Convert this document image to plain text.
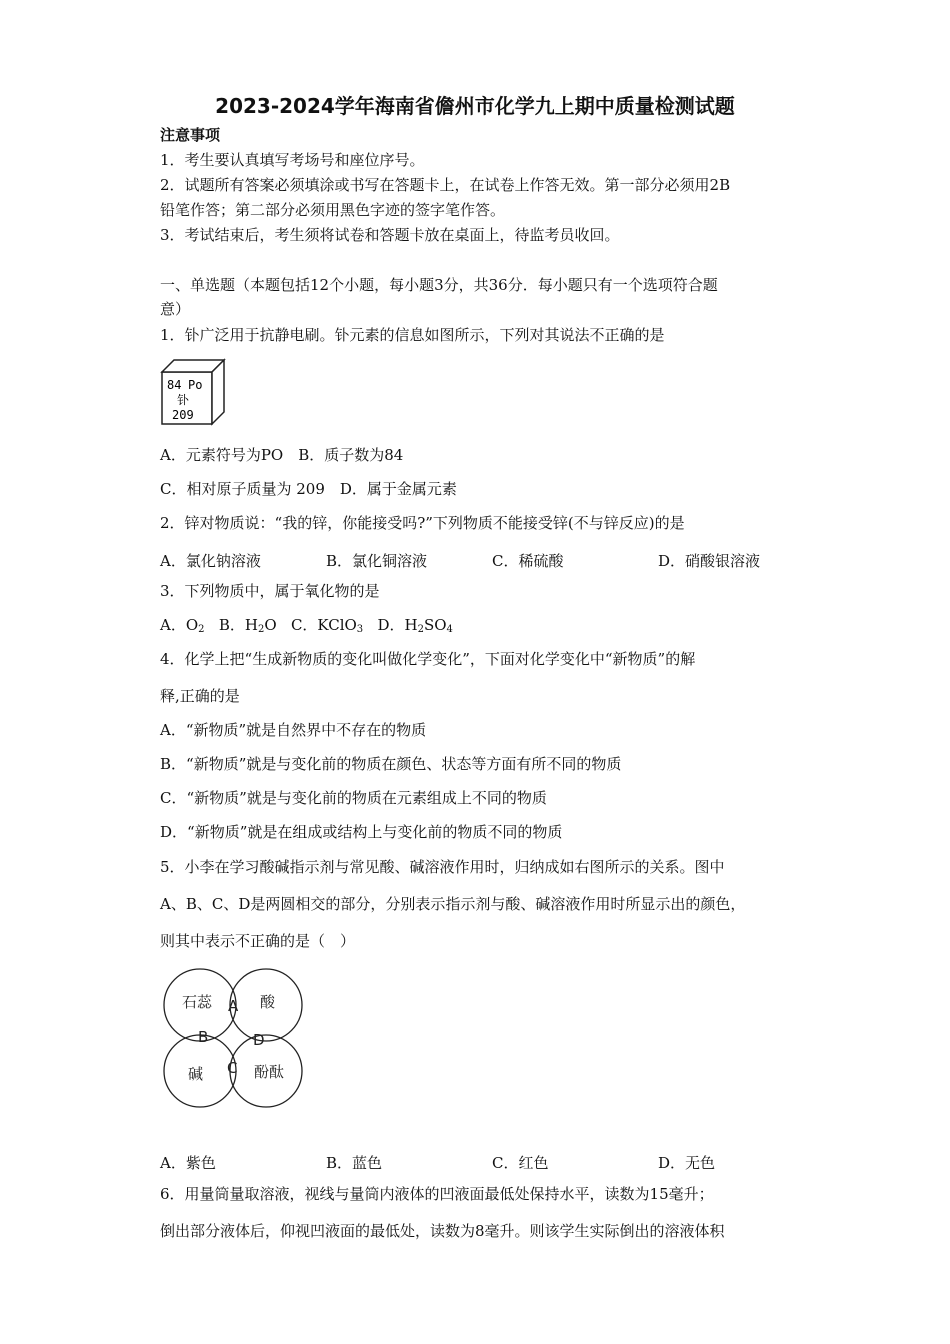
2023-2024学年海南省儋州市化学九上期中质量检测试题
注意事项
1．考生要认真填写考场号和座位序号。
2．试题所有答案必须填涂或书写在答题卡上，在试卷上作答无效。第一部分必须用2B
铅笔作答；第二部分必须用黑色字迹的签字笔作答。
3．考试结束后，考生须将试卷和答题卡放在桌面上，待监考员收回。
一、单选题（本题包括12个小题，每小题3分，共36分．每小题只有一个选项符合题
意）
1．钋广泛用于抗静电刷。钋元素的信息如图所示，下列对其说法不正确的是
84 Po
钋
209
A．元素符号为PO　B．质子数为84
C．相对原子质量为 209　D．属于金属元素
2．锌对物质说：“我的锌，你能接受吗?”下列物质不能接受锌(不与锌反应)的是
A．氯化钠溶液	B．氯化铜溶液	C．稀硫酸	D．硝酸银溶液
3．下列物质中，属于氧化物的是
A．$O_2$ B．$H_2O$ C．KClO$_3$ D．$H_2SO_4$
4．化学上把“生成新物质的变化叫做化学变化”，下面对化学变化中“新物质”的解
释,正确的是
A．“新物质”就是自然界中不存在的物质
B．“新物质”就是与变化前的物质在颜色、状态等方面有所不同的物质
C．“新物质”就是与变化前的物质在元素组成上不同的物质
D．“新物质”就是在组成或结构上与变化前的物质不同的物质
5．小李在学习酸碱指示剂与常见酸、碱溶液作用时，归纳成如右图所示的关系。图中
A、B、C、D是两圆相交的部分，分别表示指示剂与酸、碱溶液作用时所显示出的颜色，
则其中表示不正确的是（　）
石蕊	酸
碱	酚酞
A
B
C
D
A．紫色	B．蓝色	C．红色	D．无色
6．用量筒量取溶液，视线与量筒内液体的凹液面最低处保持水平，读数为15毫升；
倒出部分液体后，仰视凹液面的最低处，读数为8毫升。则该学生实际倒出的溶液体积
